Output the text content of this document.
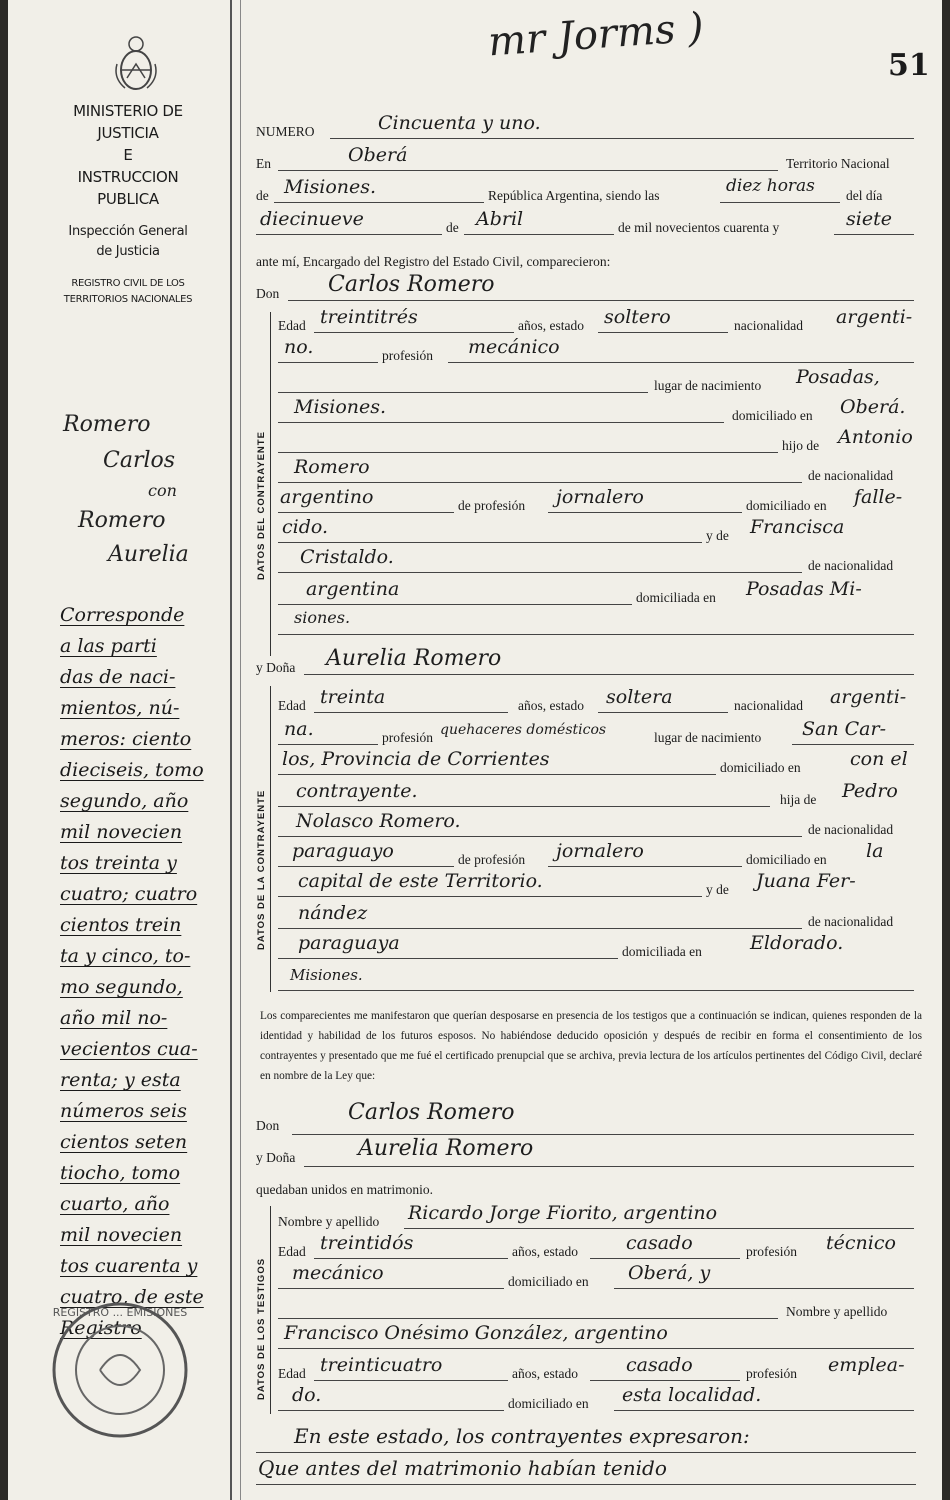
MINISTERIO DE JUSTICIA
E
INSTRUCCION PUBLICA
Inspección General
de Justicia
REGISTRO CIVIL DE LOS
TERRITORIOS NACIONALES
Romero
Carlos
con
Romero
Aurelia
Corresponde
a las parti
das de naci-
mientos, nú-
meros: ciento
dieciseis, tomo
segundo, año
mil novecien
tos treinta y
cuatro; cuatro
cientos trein
ta y cinco, to-
mo segundo,
año mil no-
vecientos cua-
renta; y esta
números seis
cientos seten
tiocho, tomo
cuarto, año
mil novecien
tos cuarenta y
cuatro, de este
Registro
REGISTRO ... EMISIONES
mr Jorms )
51
NUMERO	Cincuenta y uno.
En	Oberá	Territorio Nacional
de Misiones.	República Argentina, siendo las	diez horas del día
diecinueve	de Abril	de mil novecientos cuarenta y	siete
ante mí, Encargado del Registro del Estado Civil, comparecieron:
Don Carlos Romero
DATOS DEL CONTRAYENTE
Edad treintitrés	años, estado soltero	nacionalidad argenti-
no.	profesión mecánico
lugar de nacimiento Posadas,
Misiones.	domiciliado en Oberá.
hijo de Antonio
Romero	de nacionalidad
argentino	de profesión jornalero	domiciliado en falle-
cido.	y de Francisca
Cristaldo.	de nacionalidad
argentina	domiciliada en Posadas Mi-
siones.
y Doña Aurelia Romero
DATOS DE LA CONTRAYENTE
Edad treinta	años, estado soltera	nacionalidad argenti-
na.	profesión quehaceres domésticos	lugar de nacimiento San Car-
los, Provincia de Corrientes	domiciliado en	con el
contrayente.	hija de Pedro
Nolasco Romero.	de nacionalidad
paraguayo	de profesión jornalero	domiciliado en la
capital de este Territorio.	y de Juana Fer-
nández	de nacionalidad
paraguaya	domiciliada en	Eldorado.
Misiones.
Los comparecientes me manifestaron que querían desposarse en presencia de los testigos que a continuación se indican, quienes responden de la identidad y habilidad de los futuros esposos. No habiéndose deducido oposición y después de recibir en forma el consentimiento de los contrayentes y presentado que me fué el certificado prenupcial que se archiva, previa lectura de los artículos pertinentes del Código Civil, declaré en nombre de la Ley que:
Don
Carlos Romero
y Doña	Aurelia Romero
quedaban unidos en matrimonio.
DATOS DE LOS TESTIGOS
Nombre y apellido Ricardo Jorge Fiorito, argentino
Edad treintidós	años, estado	casado	profesión técnico
mecánico	domiciliado en Oberá, y
Nombre y apellido
Francisco Onésimo González, argentino
Edad treinticuatro	años, estado	casado	profesión emplea-
do.	domiciliado en esta localidad.
En este estado, los contrayentes expresaron:
Que antes del matrimonio habían tenido
